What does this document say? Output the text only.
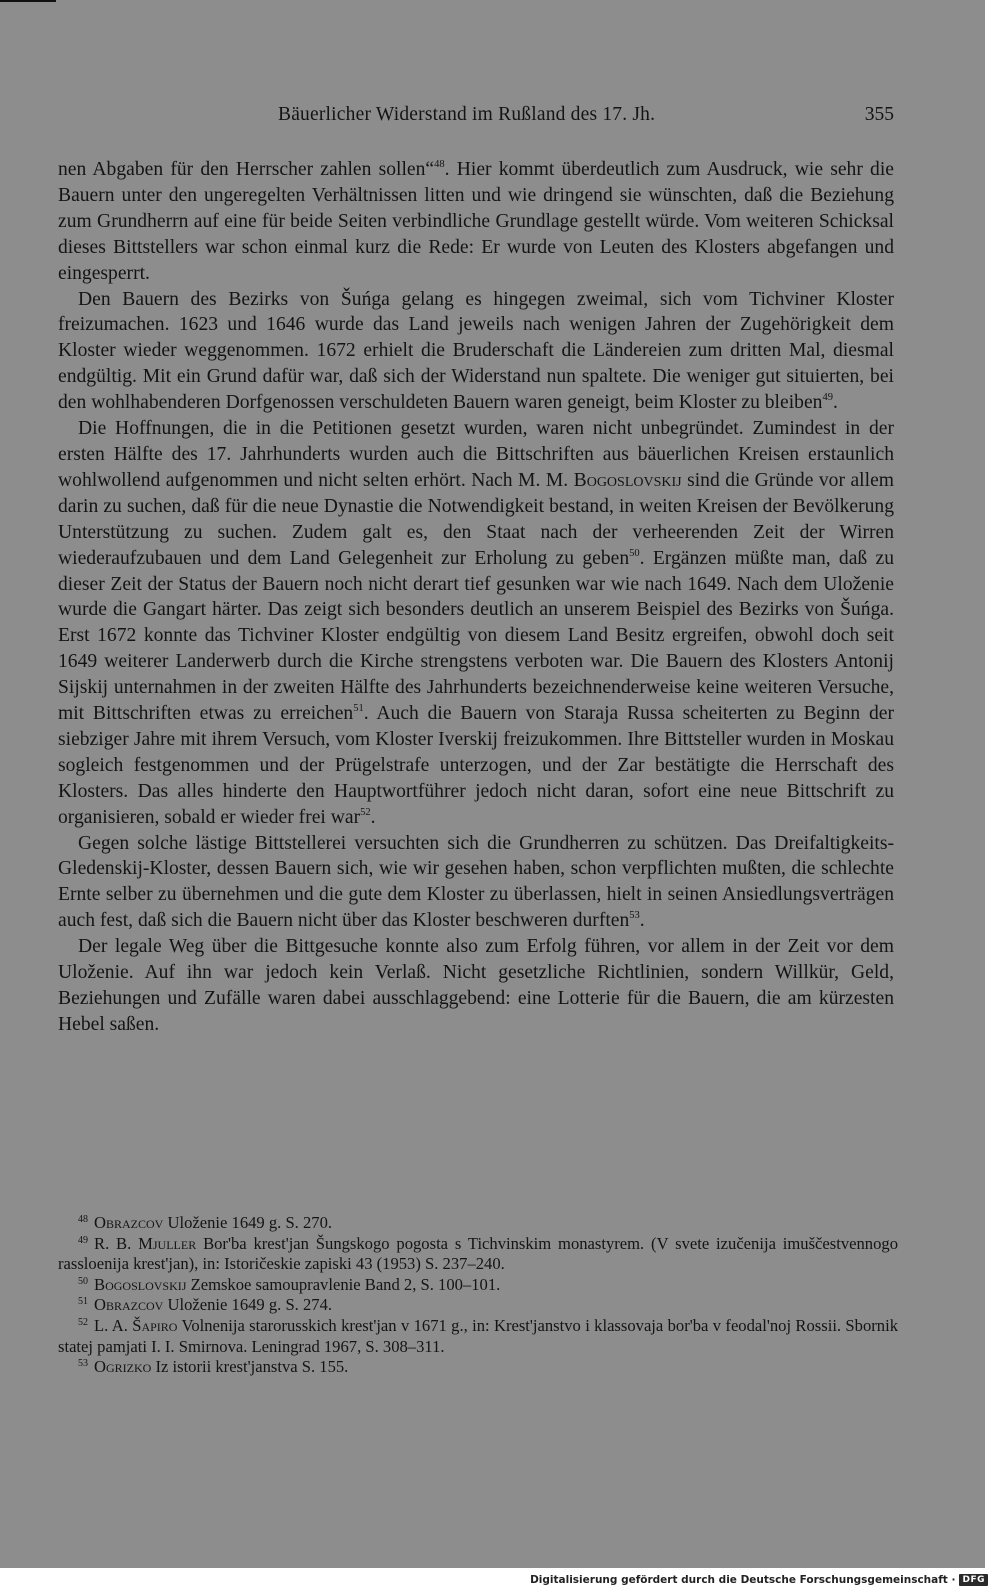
Bäuerlicher Widerstand im Rußland des 17. Jh.	355

nen Abgaben für den Herrscher zahlen sollen“$^{48}$. Hier kommt überdeutlich zum Ausdruck, wie sehr die Bauern unter den ungeregelten Verhältnissen litten und wie dringend sie wünschten, daß die Beziehung zum Grundherrn auf eine für beide Seiten verbindliche Grundlage gestellt würde. Vom weiteren Schicksal dieses Bittstellers war schon einmal kurz die Rede: Er wurde von Leuten des Klosters abgefangen und eingesperrt.

Den Bauern des Bezirks von Šuńga gelang es hingegen zweimal, sich vom Tichviner Kloster freizumachen. 1623 und 1646 wurde das Land jeweils nach wenigen Jahren der Zugehörigkeit dem Kloster wieder weggenommen. 1672 erhielt die Bruderschaft die Ländereien zum dritten Mal, diesmal endgültig. Mit ein Grund dafür war, daß sich der Widerstand nun spaltete. Die weniger gut situierten, bei den wohlhabenderen Dorfgenossen verschuldeten Bauern waren geneigt, beim Kloster zu bleiben$^{49}$.

Die Hoffnungen, die in die Petitionen gesetzt wurden, waren nicht unbegründet. Zumindest in der ersten Hälfte des 17. Jahrhunderts wurden auch die Bittschriften aus bäuerlichen Kreisen erstaunlich wohlwollend aufgenommen und nicht selten erhört. Nach M. M. Bogoslovskij sind die Gründe vor allem darin zu suchen, daß für die neue Dynastie die Notwendigkeit bestand, in weiten Kreisen der Bevölkerung Unterstützung zu suchen. Zudem galt es, den Staat nach der verheerenden Zeit der Wirren wiederaufzubauen und dem Land Gelegenheit zur Erholung zu geben$^{50}$. Ergänzen müßte man, daß zu dieser Zeit der Status der Bauern noch nicht derart tief gesunken war wie nach 1649. Nach dem Uloženie wurde die Gangart härter. Das zeigt sich besonders deutlich an unserem Beispiel des Bezirks von Šuńga. Erst 1672 konnte das Tichviner Kloster endgültig von diesem Land Besitz ergreifen, obwohl doch seit 1649 weiterer Landerwerb durch die Kirche strengstens verboten war. Die Bauern des Klosters Antonij Sijskij unternahmen in der zweiten Hälfte des Jahrhunderts bezeichnenderweise keine weiteren Versuche, mit Bittschriften etwas zu erreichen$^{51}$. Auch die Bauern von Staraja Russa scheiterten zu Beginn der siebziger Jahre mit ihrem Versuch, vom Kloster Iverskij freizukommen. Ihre Bittsteller wurden in Moskau sogleich festgenommen und der Prügelstrafe unterzogen, und der Zar bestätigte die Herrschaft des Klosters. Das alles hinderte den Hauptwortführer jedoch nicht daran, sofort eine neue Bittschrift zu organisieren, sobald er wieder frei war$^{52}$.

Gegen solche lästige Bittstellerei versuchten sich die Grundherren zu schützen. Das Dreifaltigkeits-Gledenskij-Kloster, dessen Bauern sich, wie wir gesehen haben, schon verpflichten mußten, die schlechte Ernte selber zu übernehmen und die gute dem Kloster zu überlassen, hielt in seinen Ansiedlungsverträgen auch fest, daß sich die Bauern nicht über das Kloster beschweren durften$^{53}$.

Der legale Weg über die Bittgesuche konnte also zum Erfolg führen, vor allem in der Zeit vor dem Uloženie. Auf ihn war jedoch kein Verlaß. Nicht gesetzliche Richtlinien, sondern Willkür, Geld, Beziehungen und Zufälle waren dabei ausschlaggebend: eine Lotterie für die Bauern, die am kürzesten Hebel saßen.

$^{48}$ Obrazcov Uloženie 1649 g. S. 270.
$^{49}$ R. B. Mjuller Bor'ba krest'jan Šungskogo pogosta s Tichvinskim monastyrem. (V svete izučenija imuščestvennogo rassloenija krest'jan), in: Istoričeskie zapiski 43 (1953) S. 237–240.
$^{50}$ Bogoslovskij Zemskoe samoupravlenie Band 2, S. 100–101.
$^{51}$ Obrazcov Uloženie 1649 g. S. 274.
$^{52}$ L. A. Šapiro Volnenija starorusskich krest'jan v 1671 g., in: Krest'janstvo i klassovaja bor'ba v feodal'noj Rossii. Sbornik statej pamjati I. I. Smirnova. Leningrad 1967, S. 308–311.
$^{53}$ Ogrizko Iz istorii krest'janstva S. 155.
Digitalisierung gefördert durch die Deutsche Forschungsgemeinschaft · DFG
